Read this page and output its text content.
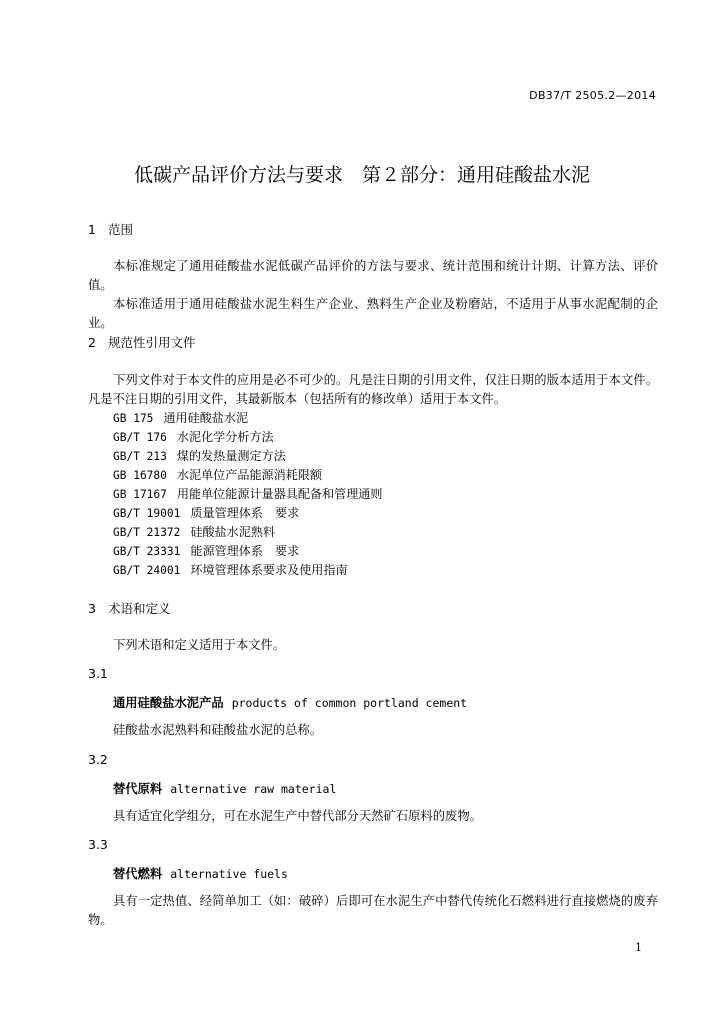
DB37/T 2505.2—2014
低碳产品评价方法与要求　第２部分：通用硅酸盐水泥
1 范围

本标准规定了通用硅酸盐水泥低碳产品评价的方法与要求、统计范围和统计计期、计算方法、评价值。

本标准适用于通用硅酸盐水泥生料生产企业、熟料生产企业及粉磨站，不适用于从事水泥配制的企业。

2 规范性引用文件

下列文件对于本文件的应用是必不可少的。凡是注日期的引用文件，仅注日期的版本适用于本文件。凡是不注日期的引用文件，其最新版本（包括所有的修改单）适用于本文件。

GB 175 通用硅酸盐水泥
GB/T 176 水泥化学分析方法
GB/T 213 煤的发热量测定方法
GB 16780 水泥单位产品能源消耗限额
GB 17167 用能单位能源计量器具配备和管理通则
GB/T 19001 质量管理体系　要求
GB/T 21372 硅酸盐水泥熟料
GB/T 23331 能源管理体系　要求
GB/T 24001 环境管理体系要求及使用指南
3 术语和定义

下列术语和定义适用于本文件。

3.1
通用硅酸盐水泥产品 products of common portland cement

硅酸盐水泥熟料和硅酸盐水泥的总称。

3.2
替代原料 alternative raw material

具有适宜化学组分，可在水泥生产中替代部分天然矿石原料的废物。

3.3
替代燃料 alternative fuels

具有一定热值、经简单加工（如：破碎）后即可在水泥生产中替代传统化石燃料进行直接燃烧的废弃物。

1
